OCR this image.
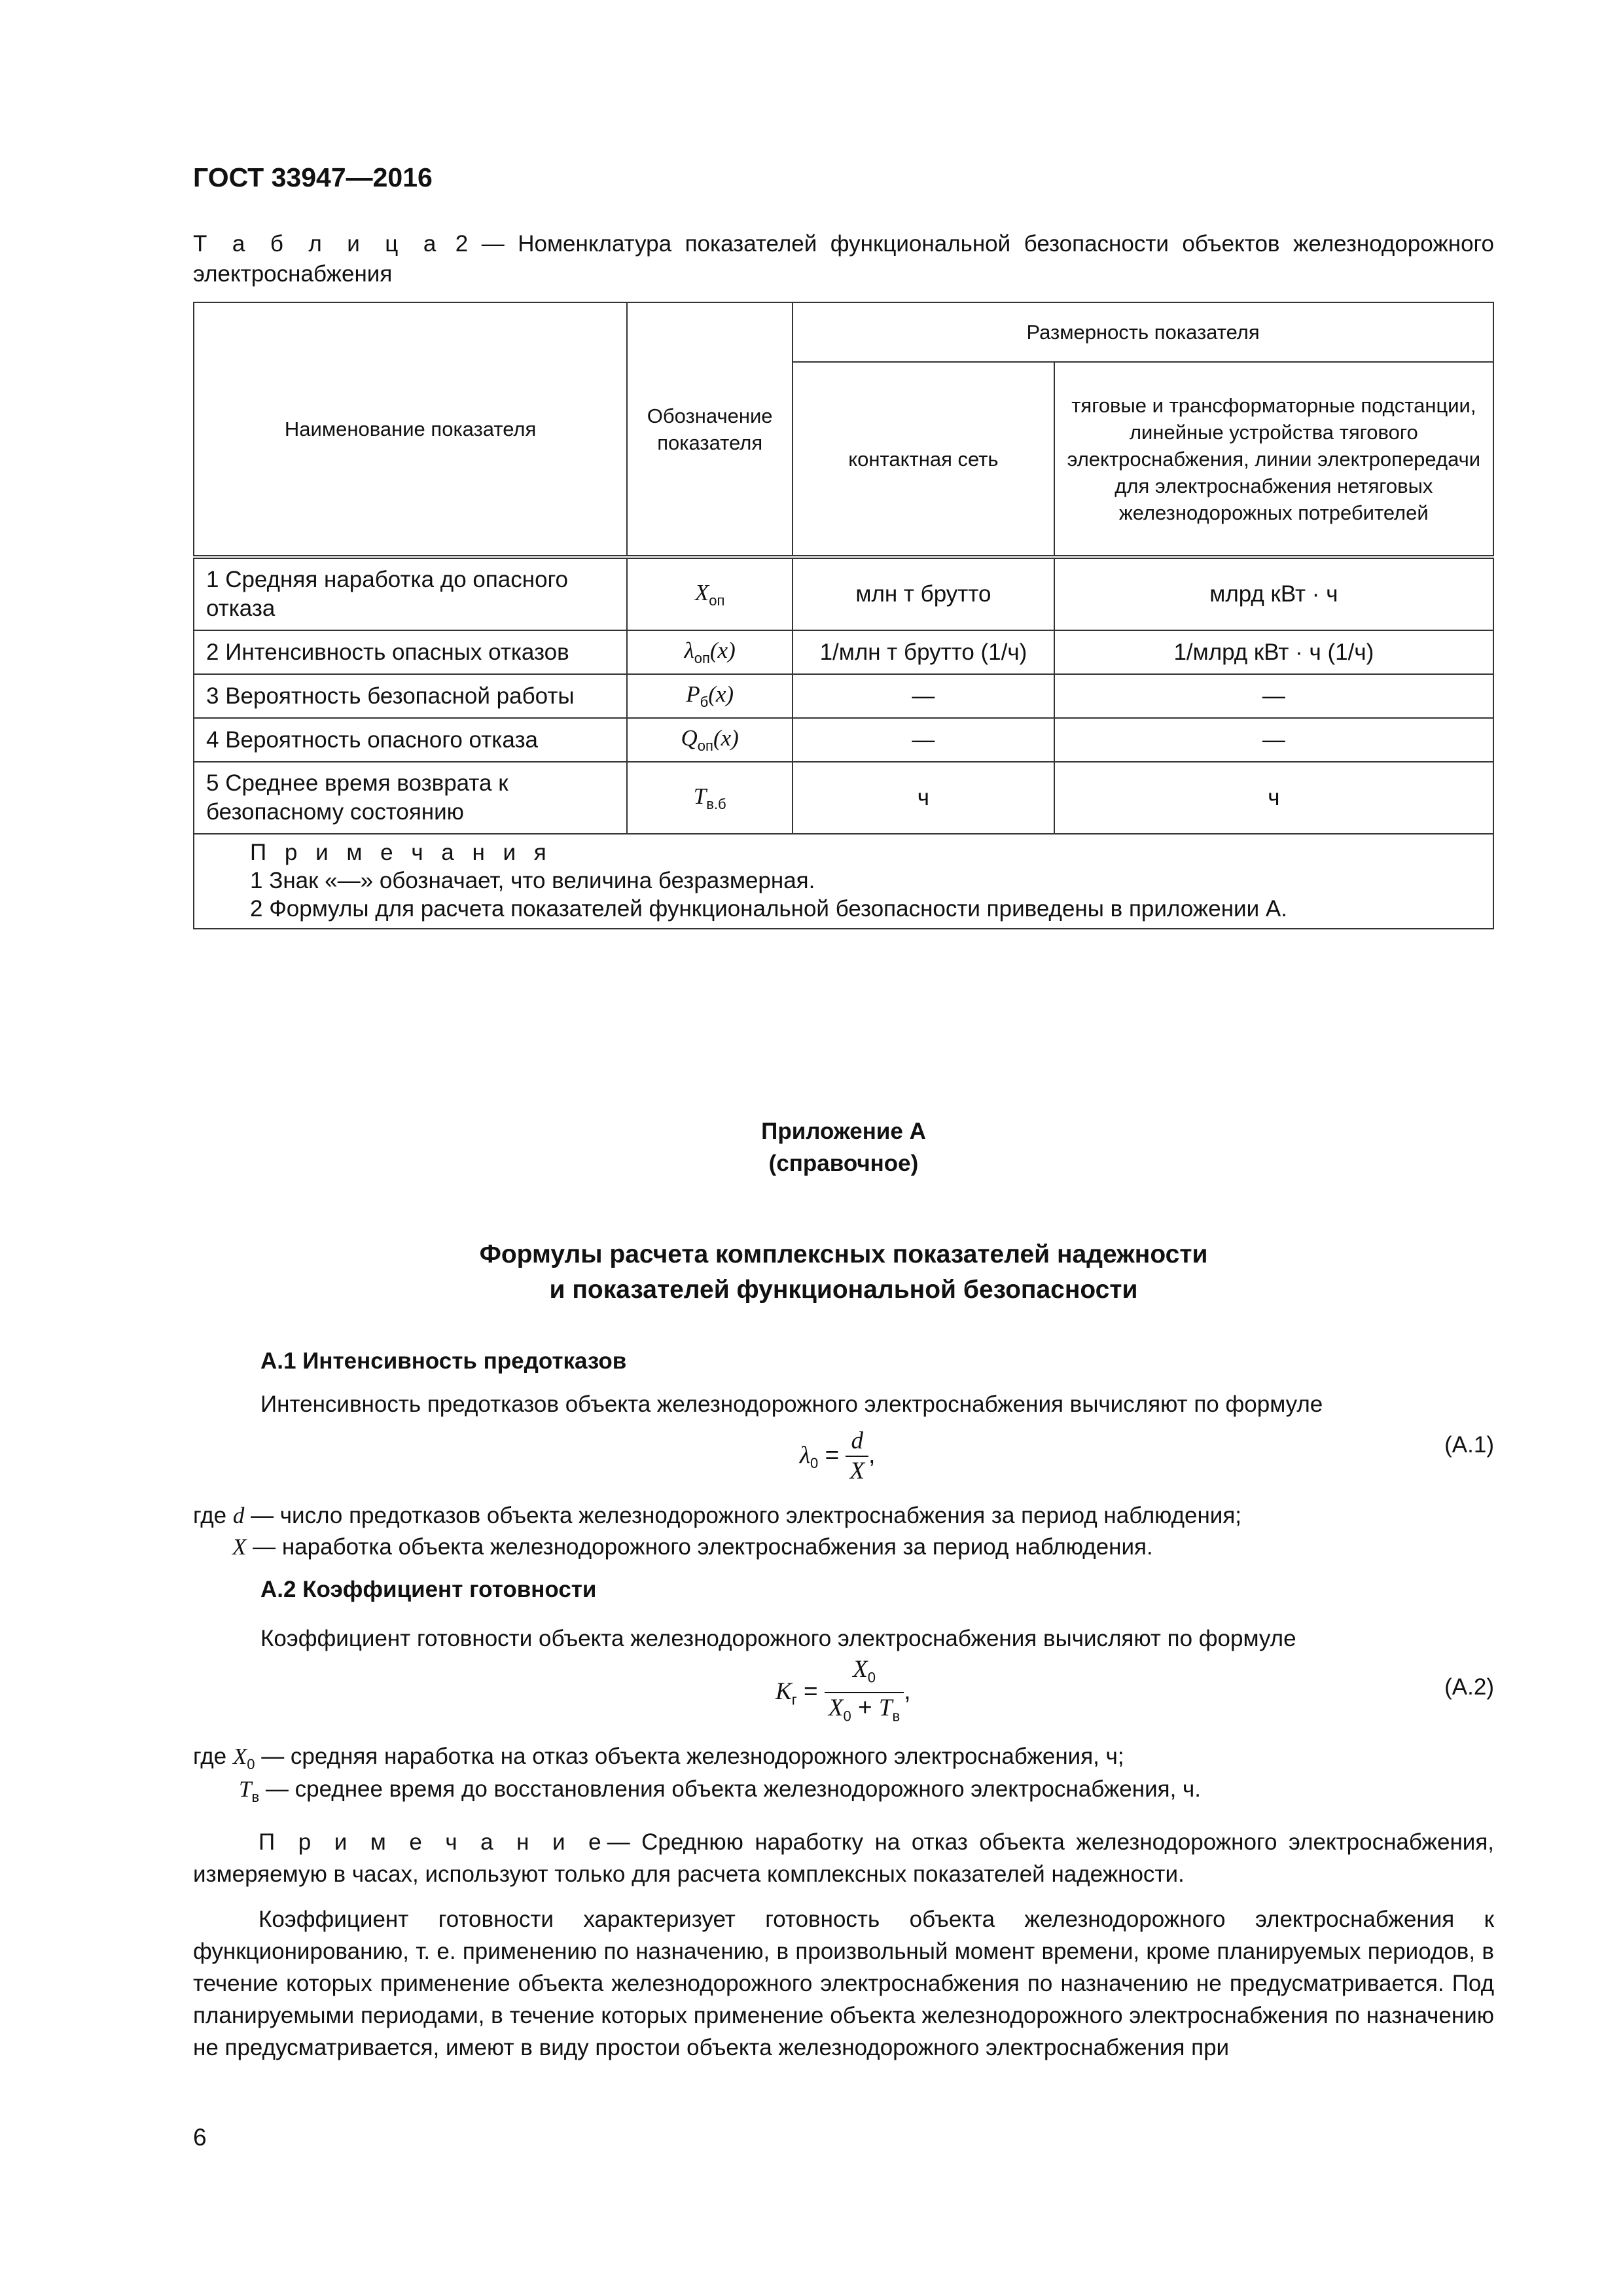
ГОСТ 33947—2016
Т а б л и ц а 2 — Номенклатура показателей функциональной безопасности объектов железнодорожного электроснабжения
Наименование показателя	Обозначение показателя	Размерность показателя	
		контактная сеть	тяговые и трансформаторные подстанции, линейные устройства тягового электроснабжения, линии электропередачи для электроснабжения нетяговых железнодорожных потребителей
1 Средняя наработка до опасного отказа	$X_{оп}$	млн т брутто	млрд кВт · ч
2 Интенсивность опасных отказов	$\lambda_{оп}(x)$	1/млн т брутто (1/ч)	1/млрд кВт · ч (1/ч)
3 Вероятность безопасной работы	$P_б(x)$	—	—
4 Вероятность опасного отказа	$Q_{оп}(x)$	—	—
5 Среднее время возврата к безопасному состоянию	$T_{в.б}$	ч	ч

П р и м е ч а н и я
1 Знак «—» обозначает, что величина безразмерная.
2 Формулы для расчета показателей функциональной безопасности приведены в приложении А.			
Приложение А
(справочное)
Формулы расчета комплексных показателей надежности
и показателей функциональной безопасности
А.1 Интенсивность предотказов
Интенсивность предотказов объекта железнодорожного электроснабжения вычисляют по формуле
$\lambda_0 = \frac{d}{X}$ ,	(А.1)
где d — число предотказов объекта железнодорожного электроснабжения за период наблюдения;
X — наработка объекта железнодорожного электроснабжения за период наблюдения.
А.2 Коэффициент готовности
Коэффициент готовности объекта железнодорожного электроснабжения вычисляют по формуле
$K_г = \frac{X_0}{X_0 + T_в}$ ,	(А.2)
где $X_0$ — средняя наработка на отказ объекта железнодорожного электроснабжения, ч;
$T_в$ — среднее время до восстановления объекта железнодорожного электроснабжения, ч.
П р и м е ч а н и е— Среднюю наработку на отказ объекта железнодорожного электроснабжения, измеряемую в часах, используют только для расчета комплексных показателей надежности.
Коэффициент готовности характеризует готовность объекта железнодорожного электроснабжения к функционированию, т. е. применению по назначению, в произвольный момент времени, кроме планируемых периодов, в течение которых применение объекта железнодорожного электроснабжения по назначению не предусматривается. Под планируемыми периодами, в течение которых применение объекта железнодорожного электроснабжения по назначению не предусматривается, имеют в виду простои объекта железнодорожного электроснабжения при
6
